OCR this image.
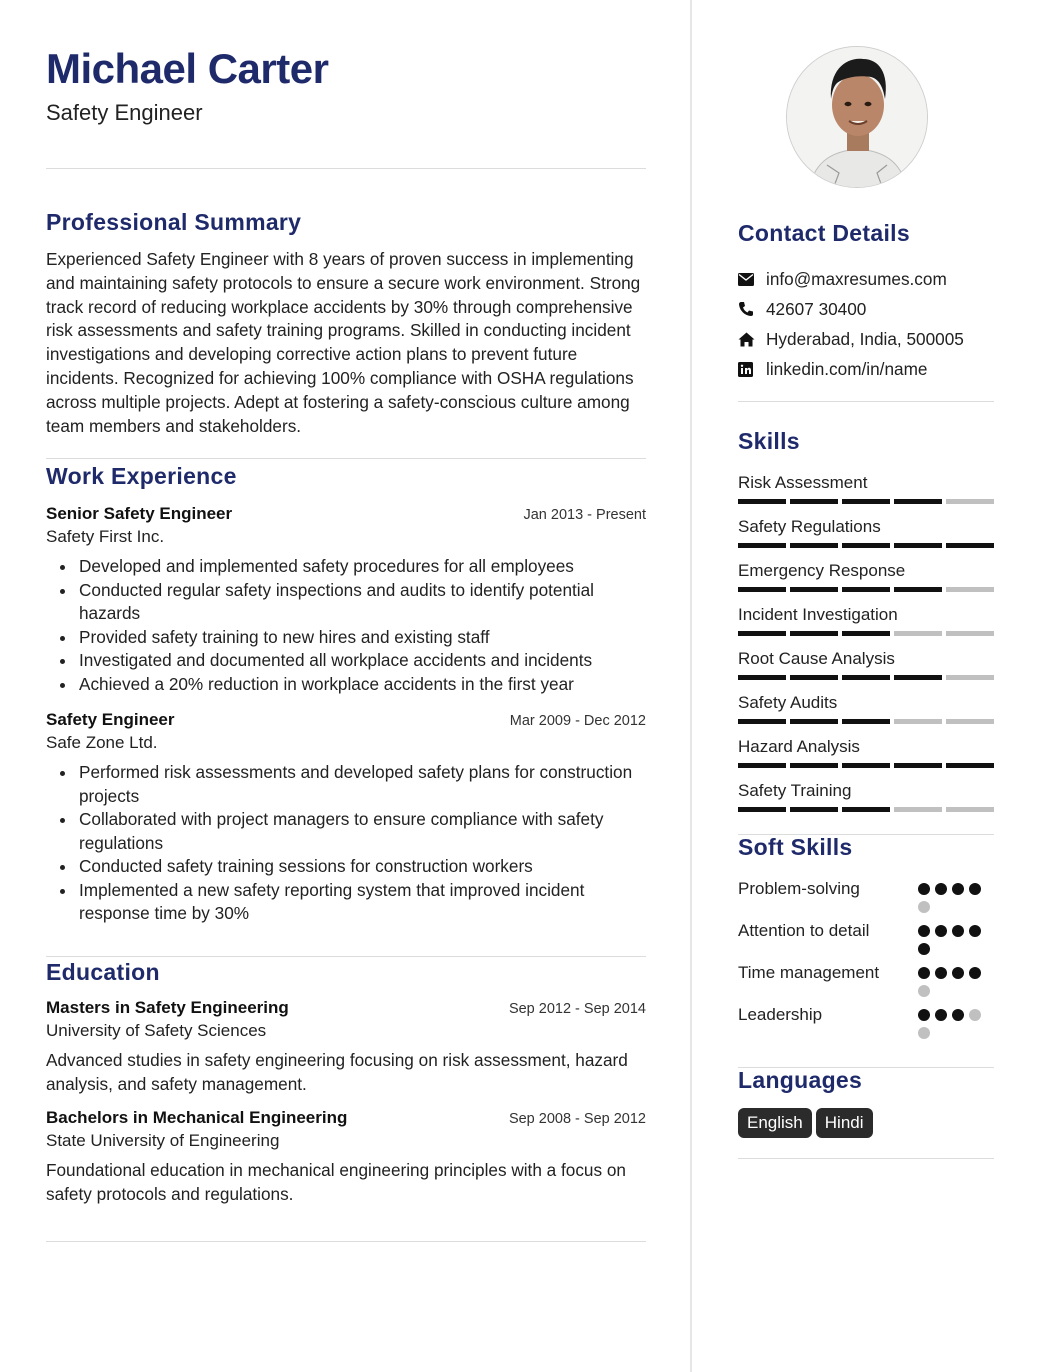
Michael Carter
Safety Engineer
Professional Summary

Experienced Safety Engineer with 8 years of proven success in implementing and maintaining safety protocols to ensure a secure work environment. Strong track record of reducing workplace accidents by 30% through comprehensive risk assessments and safety training programs. Skilled in conducting incident investigations and developing corrective action plans to prevent future incidents. Recognized for achieving 100% compliance with OSHA regulations across multiple projects. Adept at fostering a safety-conscious culture among team members and stakeholders.

Work Experience
Senior Safety Engineer	Jan 2013 - Present
Safety First Inc.
Developed and implemented safety procedures for all employees
Conducted regular safety inspections and audits to identify potential hazards
Provided safety training to new hires and existing staff
Investigated and documented all workplace accidents and incidents
Achieved a 20% reduction in workplace accidents in the first year
Safety Engineer	Mar 2009 - Dec 2012
Safe Zone Ltd.
Performed risk assessments and developed safety plans for construction projects
Collaborated with project managers to ensure compliance with safety regulations
Conducted safety training sessions for construction workers
Implemented a new safety reporting system that improved incident response time by 30%
Education
Masters in Safety Engineering	Sep 2012 - Sep 2014
University of Safety Sciences

Advanced studies in safety engineering focusing on risk assessment, hazard analysis, and safety management.

Bachelors in Mechanical Engineering	Sep 2008 - Sep 2012
State University of Engineering

Foundational education in mechanical engineering principles with a focus on safety protocols and regulations.

Contact Details
info@maxresumes.com
42607 30400
Hyderabad, India, 500005
linkedin.com/in/name
Skills
Risk Assessment
Safety Regulations
Emergency Response
Incident Investigation
Root Cause Analysis
Safety Audits
Hazard Analysis
Safety Training
Soft Skills
Problem-solving
Attention to detail
Time management
Leadership
Languages
English Hindi
